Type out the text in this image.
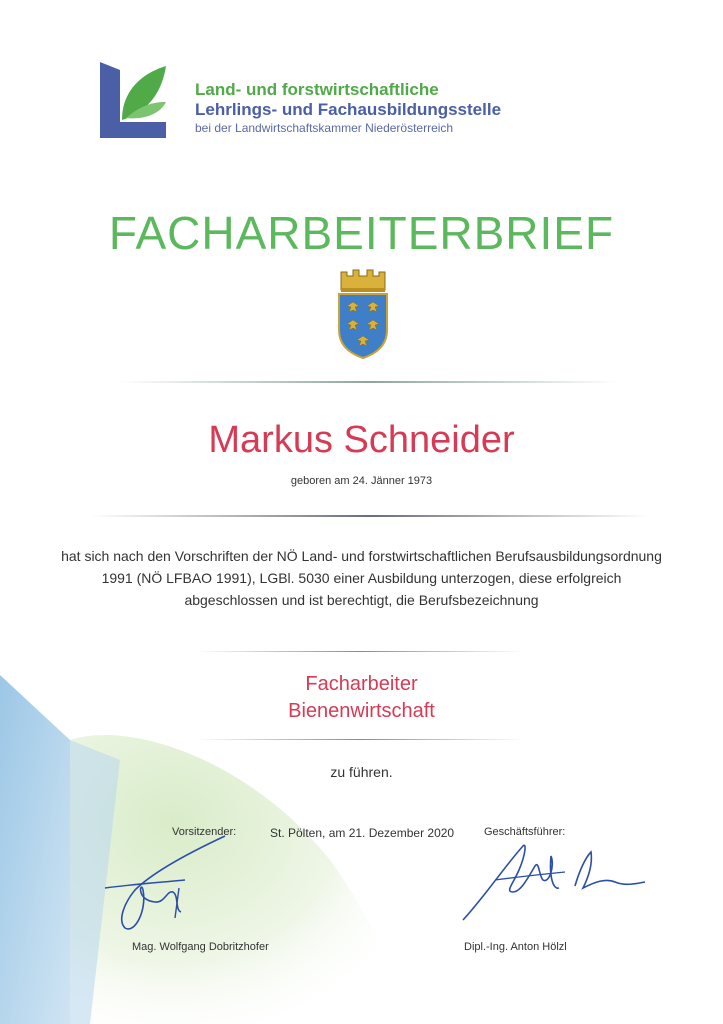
Land- und forstwirtschaftliche
Lehrlings- und Fachausbildungsstelle
bei der Landwirtschaftskammer Niederösterreich
FACHARBEITERBRIEF
Markus Schneider
geboren am 24. Jänner 1973
hat sich nach den Vorschriften der NÖ Land- und forstwirtschaftlichen Berufsausbildungsordnung
1991 (NÖ LFBAO 1991), LGBl. 5030 einer Ausbildung unterzogen, diese erfolgreich
abgeschlossen und ist berechtigt, die Berufsbezeichnung
Facharbeiter
Bienenwirtschaft
zu führen.
Vorsitzender:	St. Pölten, am 21. Dezember 2020	Geschäftsführer:
Mag. Wolfgang Dobritzhofer	Dipl.-Ing. Anton Hölzl
